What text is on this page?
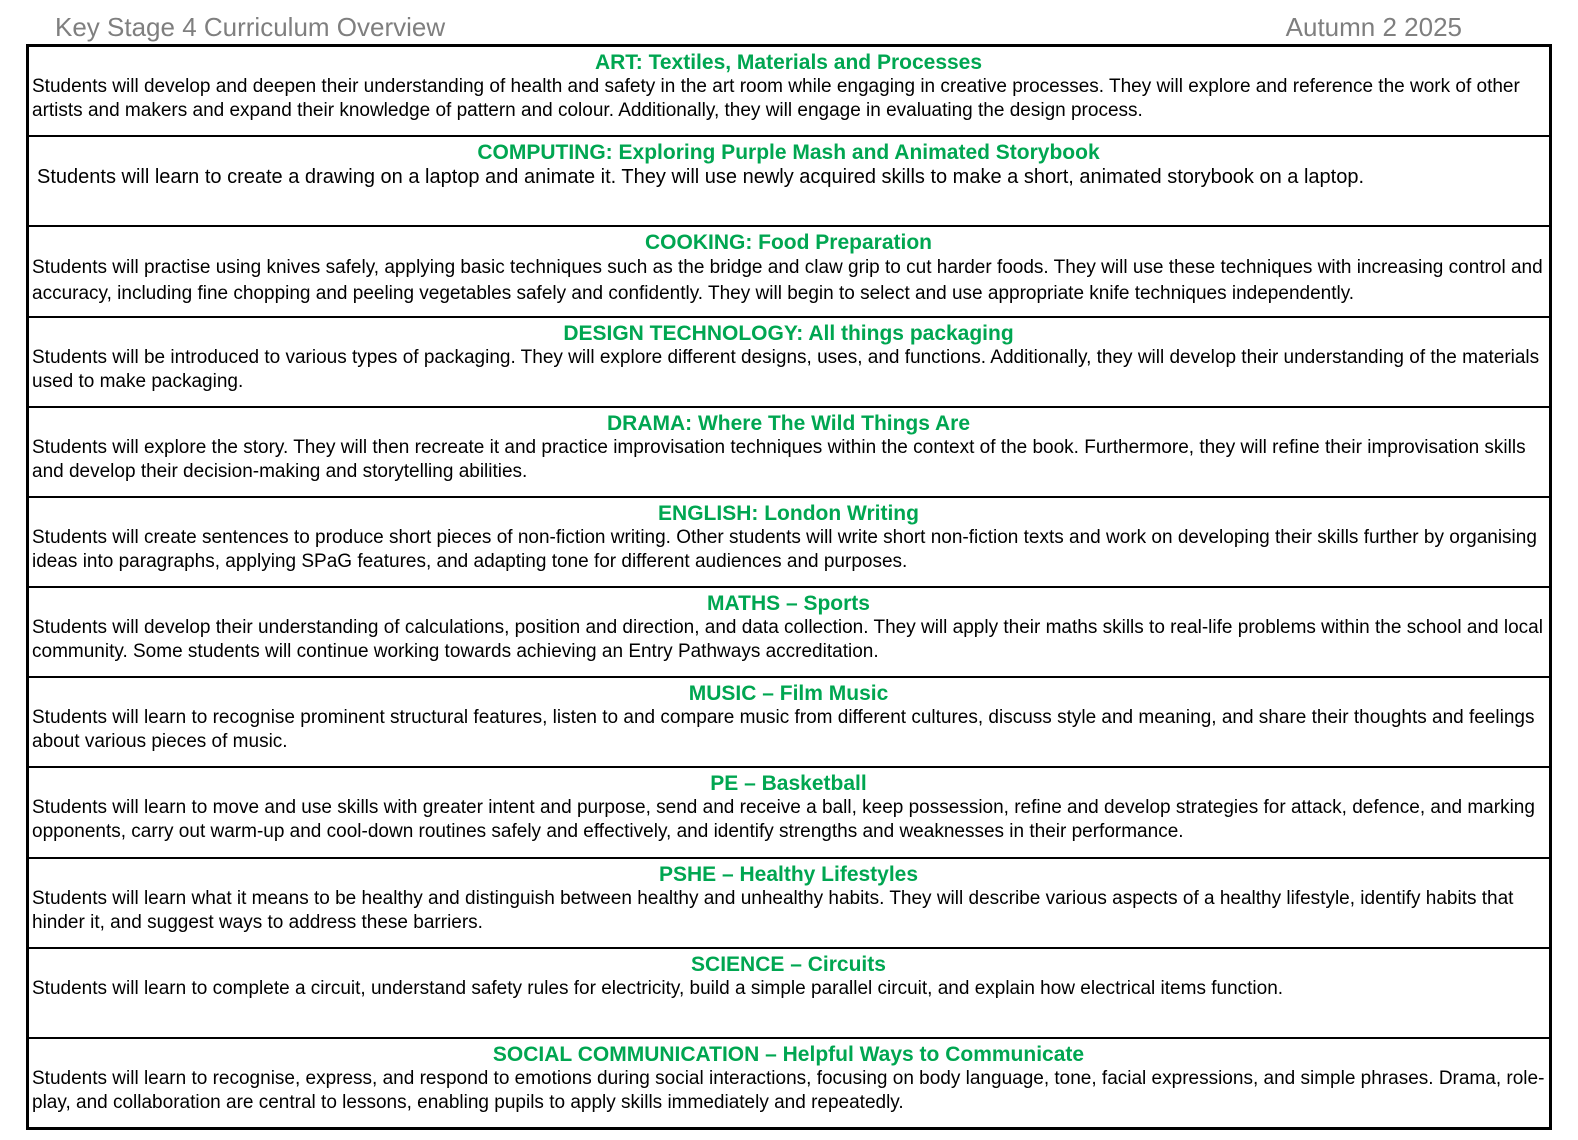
Key Stage 4 Curriculum Overview	Autumn 2 2025
ART: Textiles, Materials and Processes
Students will develop and deepen their understanding of health and safety in the art room while engaging in creative processes. They will explore and reference the work of other artists and makers and expand their knowledge of pattern and colour. Additionally, they will engage in evaluating the design process.
COMPUTING: Exploring Purple Mash and Animated Storybook
Students will learn to create a drawing on a laptop and animate it. They will use newly acquired skills to make a short, animated storybook on a laptop.
COOKING: Food Preparation
Students will practise using knives safely, applying basic techniques such as the bridge and claw grip to cut harder foods. They will use these techniques with increasing control and accuracy, including fine chopping and peeling vegetables safely and confidently. They will begin to select and use appropriate knife techniques independently.
DESIGN TECHNOLOGY: All things packaging
Students will be introduced to various types of packaging. They will explore different designs, uses, and functions. Additionally, they will develop their understanding of the materials used to make packaging.
DRAMA: Where The Wild Things Are
Students will explore the story. They will then recreate it and practice improvisation techniques within the context of the book. Furthermore, they will refine their improvisation skills and develop their decision-making and storytelling abilities.
ENGLISH: London Writing
Students will create sentences to produce short pieces of non-fiction writing. Other students will write short non-fiction texts and work on developing their skills further by organising ideas into paragraphs, applying SPaG features, and adapting tone for different audiences and purposes.
MATHS – Sports
Students will develop their understanding of calculations, position and direction, and data collection. They will apply their maths skills to real-life problems within the school and local community. Some students will continue working towards achieving an Entry Pathways accreditation.
MUSIC – Film Music
Students will learn to recognise prominent structural features, listen to and compare music from different cultures, discuss style and meaning, and share their thoughts and feelings about various pieces of music.
PE – Basketball
Students will learn to move and use skills with greater intent and purpose, send and receive a ball, keep possession, refine and develop strategies for attack, defence, and marking opponents, carry out warm-up and cool-down routines safely and effectively, and identify strengths and weaknesses in their performance.
PSHE – Healthy Lifestyles
Students will learn what it means to be healthy and distinguish between healthy and unhealthy habits. They will describe various aspects of a healthy lifestyle, identify habits that hinder it, and suggest ways to address these barriers.
SCIENCE – Circuits
Students will learn to complete a circuit, understand safety rules for electricity, build a simple parallel circuit, and explain how electrical items function.
SOCIAL COMMUNICATION – Helpful Ways to Communicate
Students will learn to recognise, express, and respond to emotions during social interactions, focusing on body language, tone, facial expressions, and simple phrases. Drama, role-play, and collaboration are central to lessons, enabling pupils to apply skills immediately and repeatedly.
